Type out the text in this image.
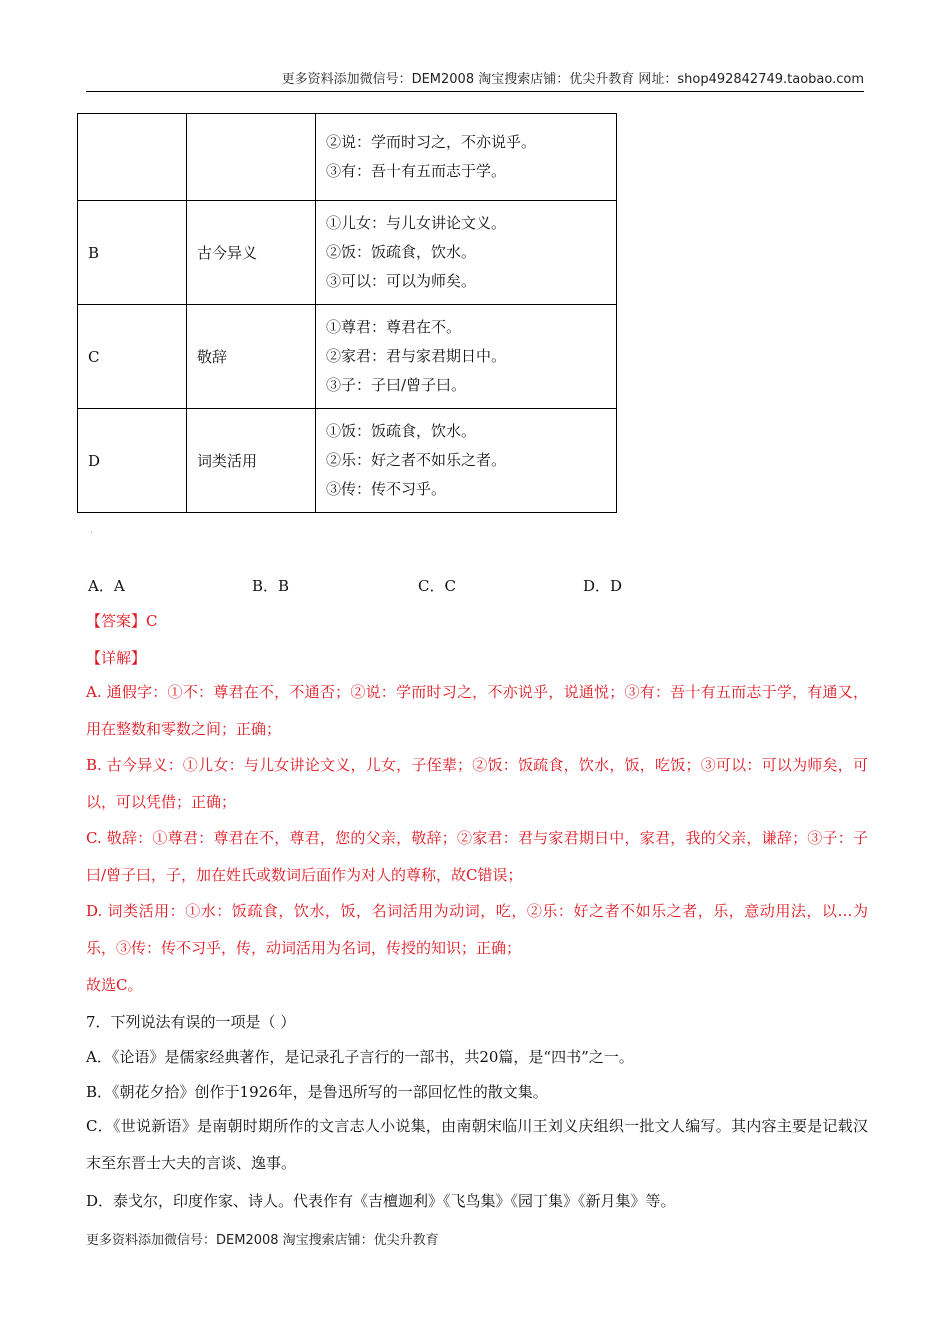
更多资料添加微信号：DEM2008 淘宝搜索店铺：优尖升教育 网址：shop492842749.taobao.com

		②说：学而时习之，不亦说乎。
③有：吾十有五而志于学。

B	古今异义	①儿女：与儿女讲论文义。
②饭：饭疏食，饮水。
③可以：可以为师矣。

C	敬辞	①尊君：尊君在不。
②家君：君与家君期日中。
③子：子曰/曾子曰。

D	词类活用	①饭：饭疏食，饮水。
②乐：好之者不如乐之者。
③传：传不习乎。
·
A．A	B．B	C．C	D．D
【答案】C
【详解】
A. 通假字：①不：尊君在不，不通否；②说：学而时习之，不亦说乎，说通悦；③有：吾十有五而志于学，有通又，用在整数和零数之间；正确；
B. 古今异义：①儿女：与儿女讲论文义，儿女，子侄辈；②饭：饭疏食，饮水，饭，吃饭；③可以：可以为师矣，可以，可以凭借；正确；
C. 敬辞：①尊君：尊君在不，尊君，您的父亲，敬辞；②家君：君与家君期日中，家君，我的父亲，谦辞；③子：子曰/曾子曰，子，加在姓氏或数词后面作为对人的尊称，故C错误；
D. 词类活用：①水：饭疏食，饮水，饭，名词活用为动词，吃，②乐：好之者不如乐之者，乐，意动用法，以…为乐，③传：传不习乎，传，动词活用为名词，传授的知识；正确；
故选C。
7．下列说法有误的一项是（ ）
A．《论语》是儒家经典著作，是记录孔子言行的一部书，共20篇，是“四书”之一。
B．《朝花夕拾》创作于1926年，是鲁迅所写的一部回忆性的散文集。
C．《世说新语》是南朝时期所作的文言志人小说集，由南朝宋临川王刘义庆组织一批文人编写。其内容主要是记载汉末至东晋士大夫的言谈、逸事。
D．泰戈尔，印度作家、诗人。代表作有《吉檀迦利》《飞鸟集》《园丁集》《新月集》等。
更多资料添加微信号：DEM2008 淘宝搜索店铺：优尖升教育
